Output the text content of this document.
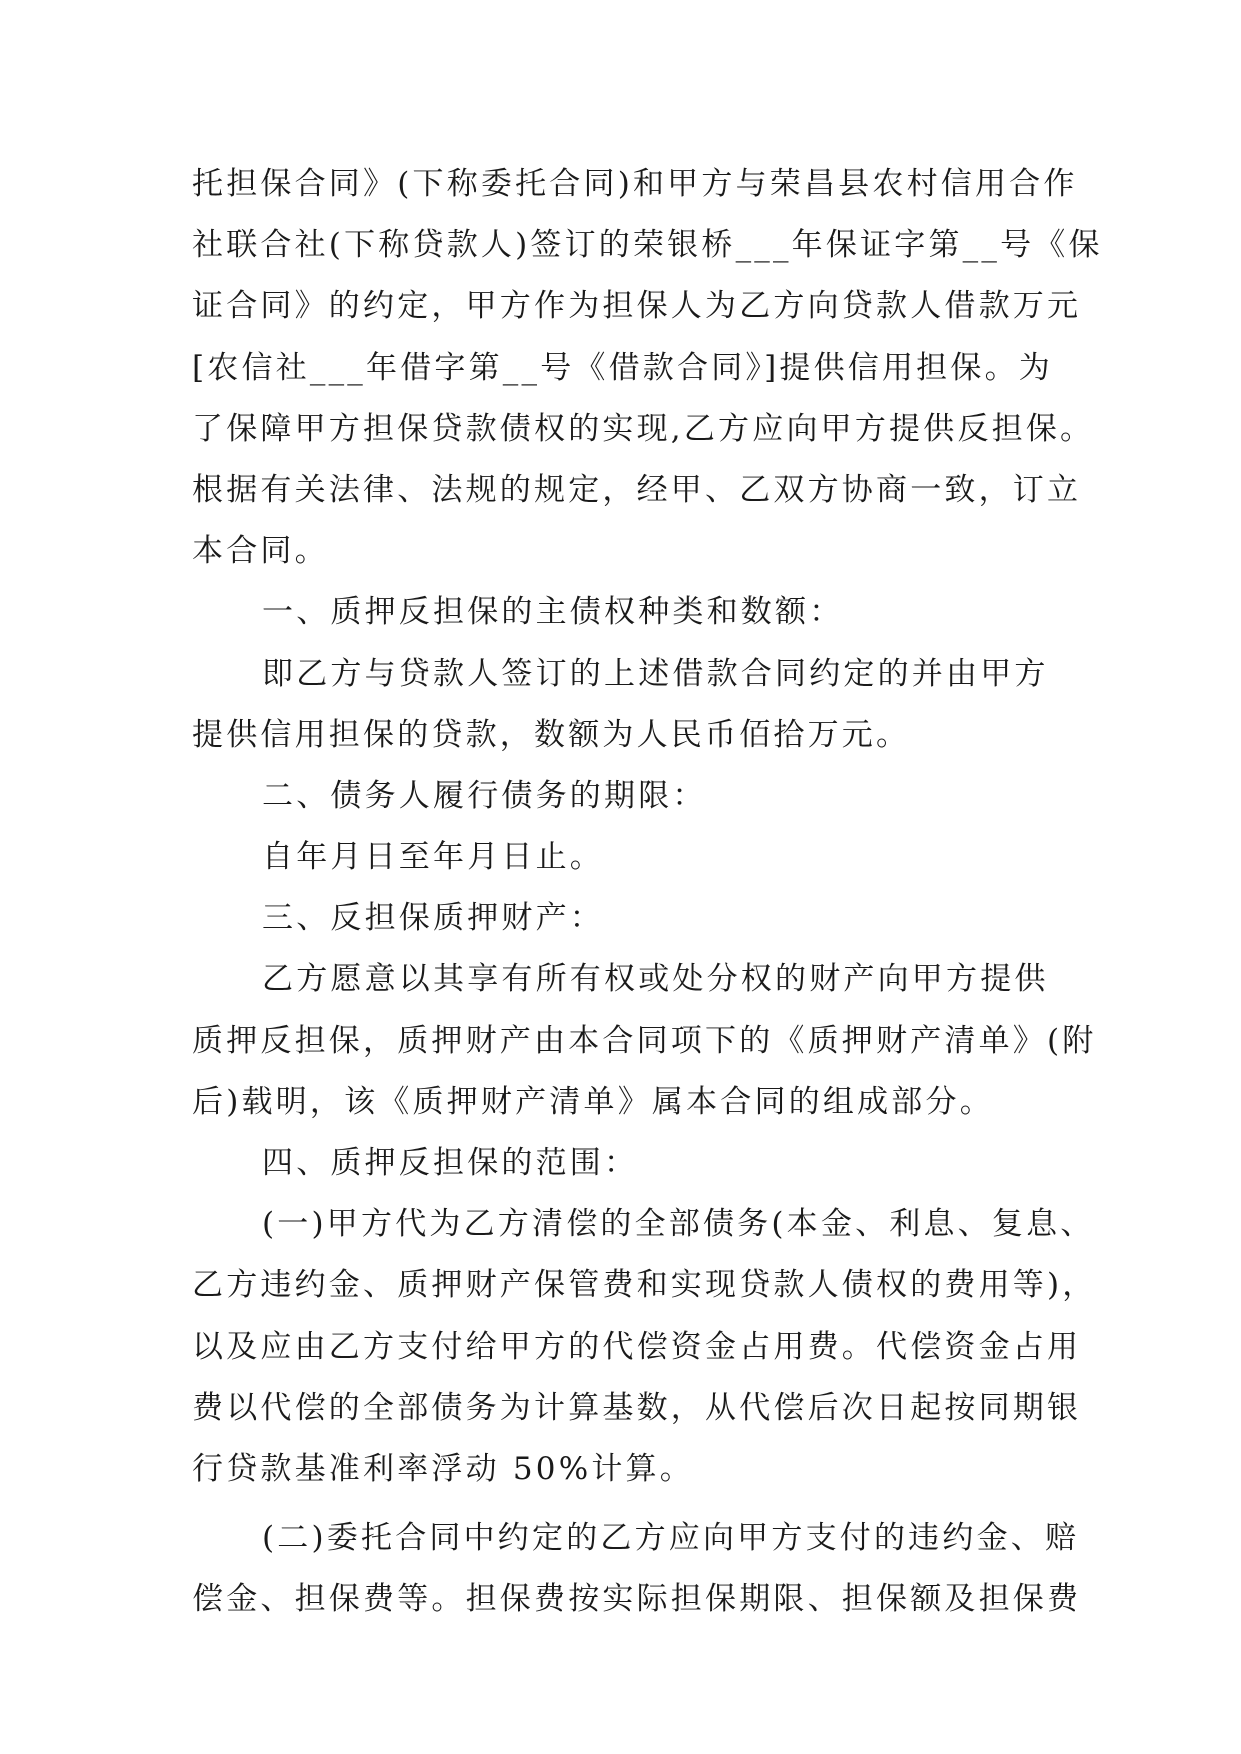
托担保合同》(下称委托合同)和甲方与荣昌县农村信用合作
社联合社(下称贷款人)签订的荣银桥___年保证字第__号《保
证合同》的约定，甲方作为担保人为乙方向贷款人借款万元
[农信社___年借字第__号《借款合同》]提供信用担保。为
了保障甲方担保贷款债权的实现,乙方应向甲方提供反担保。
根据有关法律、法规的规定，经甲、乙双方协商一致，订立
本合同。
一、质押反担保的主债权种类和数额：
即乙方与贷款人签订的上述借款合同约定的并由甲方
提供信用担保的贷款，数额为人民币佰拾万元。
二、债务人履行债务的期限：
自年月日至年月日止。
三、反担保质押财产：
乙方愿意以其享有所有权或处分权的财产向甲方提供
质押反担保，质押财产由本合同项下的《质押财产清单》(附
后)载明，该《质押财产清单》属本合同的组成部分。
四、质押反担保的范围：
(一)甲方代为乙方清偿的全部债务(本金、利息、复息、
乙方违约金、质押财产保管费和实现贷款人债权的费用等)，
以及应由乙方支付给甲方的代偿资金占用费。代偿资金占用
费以代偿的全部债务为计算基数，从代偿后次日起按同期银
行贷款基准利率浮动 50%计算。
(二)委托合同中约定的乙方应向甲方支付的违约金、赔
偿金、担保费等。担保费按实际担保期限、担保额及担保费
